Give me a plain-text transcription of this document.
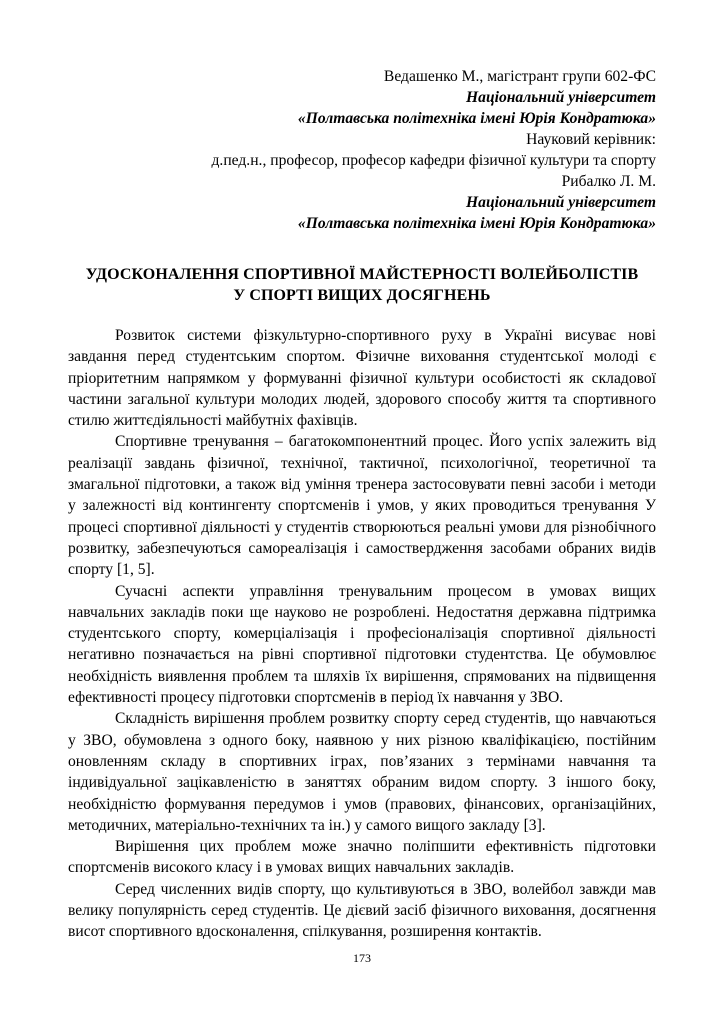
Ведашенко М., магістрант групи 602-ФС
Національний університет
«Полтавська політехніка імені Юрія Кондратюка»
Науковий керівник:
д.пед.н., професор, професор кафедри фізичної культури та спорту
Рибалко Л. М.
Національний університет
«Полтавська політехніка імені Юрія Кондратюка»
УДОСКОНАЛЕННЯ СПОРТИВНОЇ МАЙСТЕРНОСТІ ВОЛЕЙБОЛІСТІВ
У СПОРТІ ВИЩИХ ДОСЯГНЕНЬ

Розвиток системи фізкультурно-спортивного руху в Україні висуває нові завдання перед студентським спортом. Фізичне виховання студентської молоді є пріоритетним напрямком у формуванні фізичної культури особистості як складової частини загальної культури молодих людей, здорового способу життя та спортивного стилю життєдіяльності майбутніх фахівців.

Спортивне тренування – багатокомпонентний процес. Його успіх залежить від реалізації завдань фізичної, технічної, тактичної, психологічної, теоретичної та змагальної підготовки, а також від уміння тренера застосовувати певні засоби і методи у залежності від контингенту спортсменів і умов, у яких проводиться тренування У процесі спортивної діяльності у студентів створюються реальні умови для різнобічного розвитку, забезпечуються самореалізація і самоствердження засобами обраних видів спорту [1, 5].

Сучасні аспекти управління тренувальним процесом в умовах вищих навчальних закладів поки ще науково не розроблені. Недостатня державна підтримка студентського спорту, комерціалізація і професіоналізація спортивної діяльності негативно позначається на рівні спортивної підготовки студентства. Це обумовлює необхідність виявлення проблем та шляхів їх вирішення, спрямованих на підвищення ефективності процесу підготовки спортсменів в період їх навчання у ЗВО.

Складність вирішення проблем розвитку спорту серед студентів, що навчаються у ЗВО, обумовлена з одного боку, наявною у них різною кваліфікацією, постійним оновленням складу в спортивних іграх, пов’язаних з термінами навчання та індивідуальної зацікавленістю в заняттях обраним видом спорту. З іншого боку, необхідністю формування передумов і умов (правових, фінансових, організаційних, методичних, матеріально-технічних та ін.) у самого вищого закладу [3].

Вирішення цих проблем може значно поліпшити ефективність підготовки спортсменів високого класу і в умовах вищих навчальних закладів.

Серед численних видів спорту, що культивуються в ЗВО, волейбол завжди мав велику популярність серед студентів. Це дієвий засіб фізичного виховання, досягнення висот спортивного вдосконалення, спілкування, розширення контактів.

173
